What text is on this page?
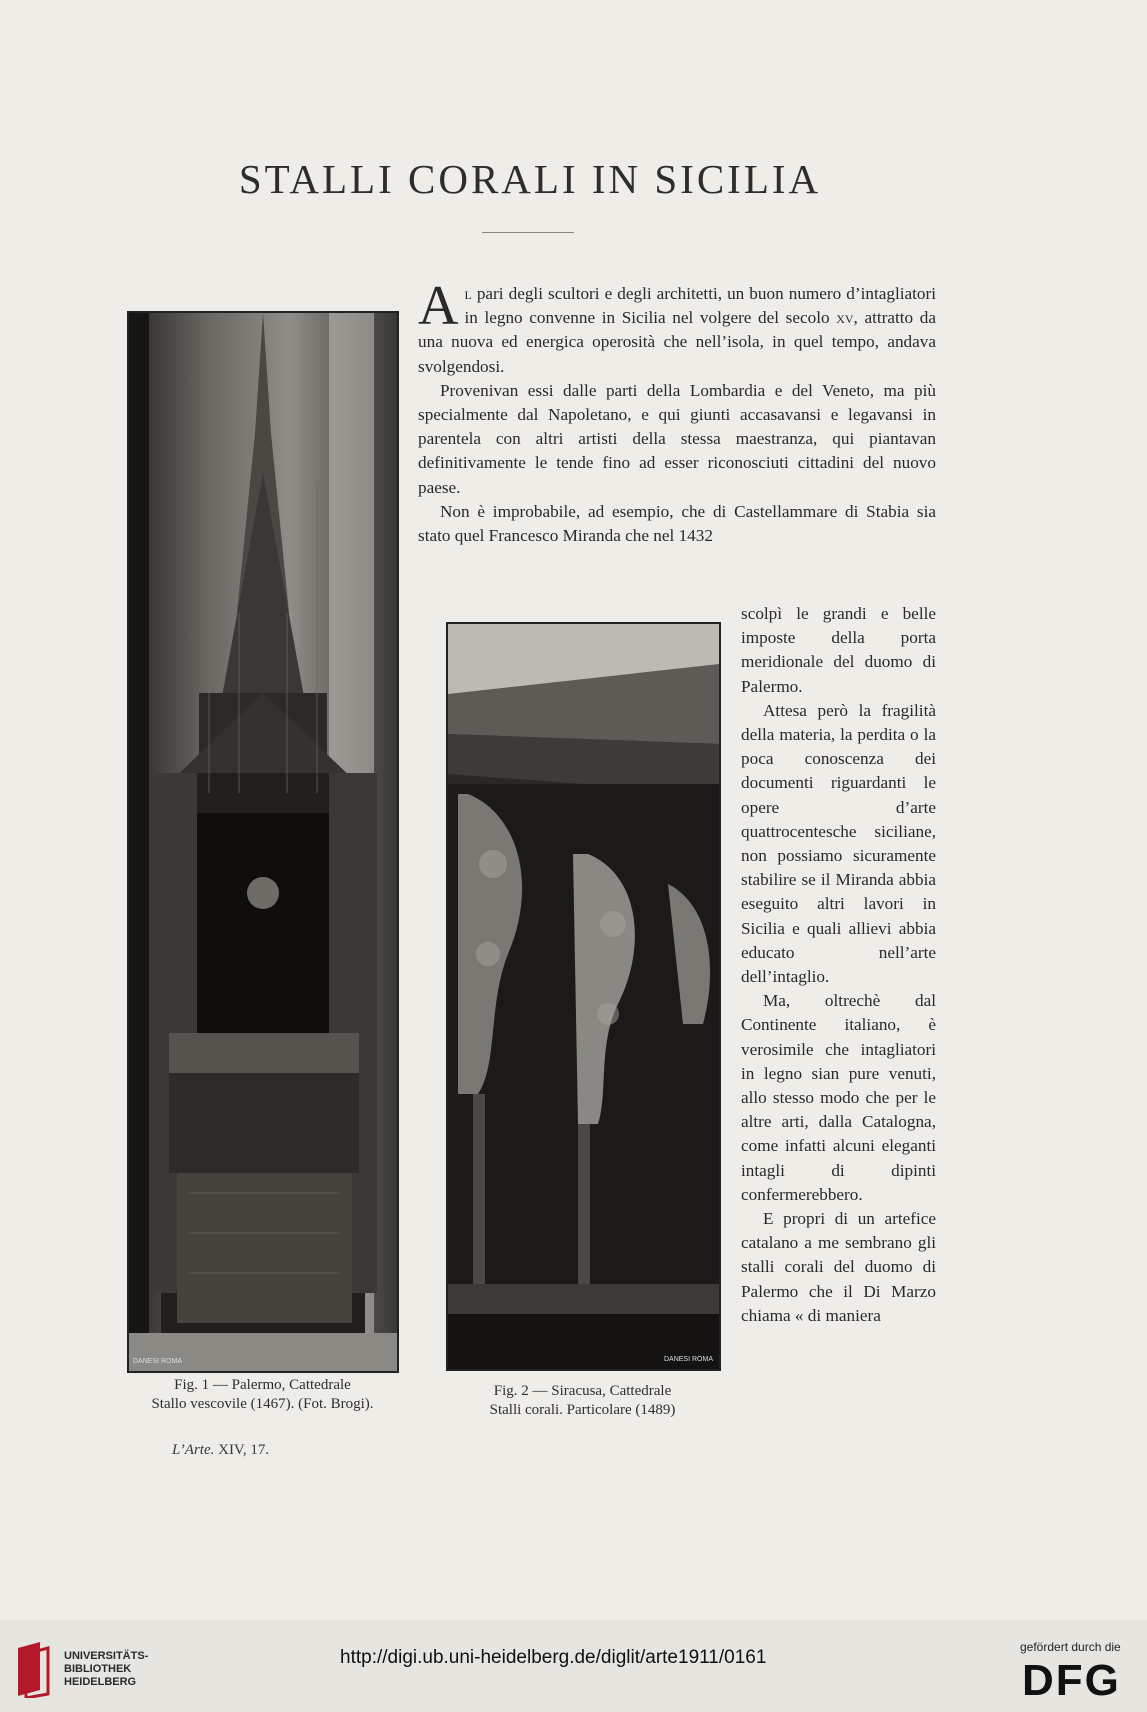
STALLI CORALI IN SICILIA
DANESI ROMA
Fig. 1 — Palermo, Cattedrale
Stallo vescovile (1467). (Fot. Brogi).
DANESI ROMA
Fig. 2 — Siracusa, Cattedrale
Stalli corali. Particolare (1489)

Al pari degli scultori e degli architetti, un buon numero d’intagliatori in legno convenne in Sicilia nel volgere del secolo xv, attratto da una nuova ed energica operosità che nell’isola, in quel tempo, andava svolgendosi.

Provenivan essi dalle parti della Lombardia e del Veneto, ma più specialmente dal Napoletano, e qui giunti accasavansi e legavansi in parentela con altri artisti della stessa maestranza, qui piantavan definitivamente le tende fino ad esser riconosciuti cittadini del nuovo paese.

Non è improbabile, ad esempio, che di Castellammare di Stabia sia stato quel Francesco Miranda che nel 1432

scolpì le grandi e belle imposte della porta meridionale del duomo di Palermo.

Attesa però la fragilità della materia, la perdita o la poca conoscenza dei documenti riguardanti le opere d’arte quattrocentesche siciliane, non possiamo sicuramente stabilire se il Miranda abbia eseguito altri lavori in Sicilia e quali allievi abbia educato nell’arte dell’intaglio.

Ma, oltrechè dal Continente italiano, è verosimile che intagliatori in legno sian pure venuti, allo stesso modo che per le altre arti, dalla Catalogna, come infatti alcuni eleganti intagli di dipinti confermerebbero.

E propri di un artefice catalano a me sembrano gli stalli corali del duomo di Palermo che il Di Marzo chiama « di maniera

L’Arte. XIV, 17.
UNIVERSITÄTS-
BIBLIOTHEK
HEIDELBERG
http://digi.ub.uni-heidelberg.de/diglit/arte1911/0161	gefördert durch die
DFG
